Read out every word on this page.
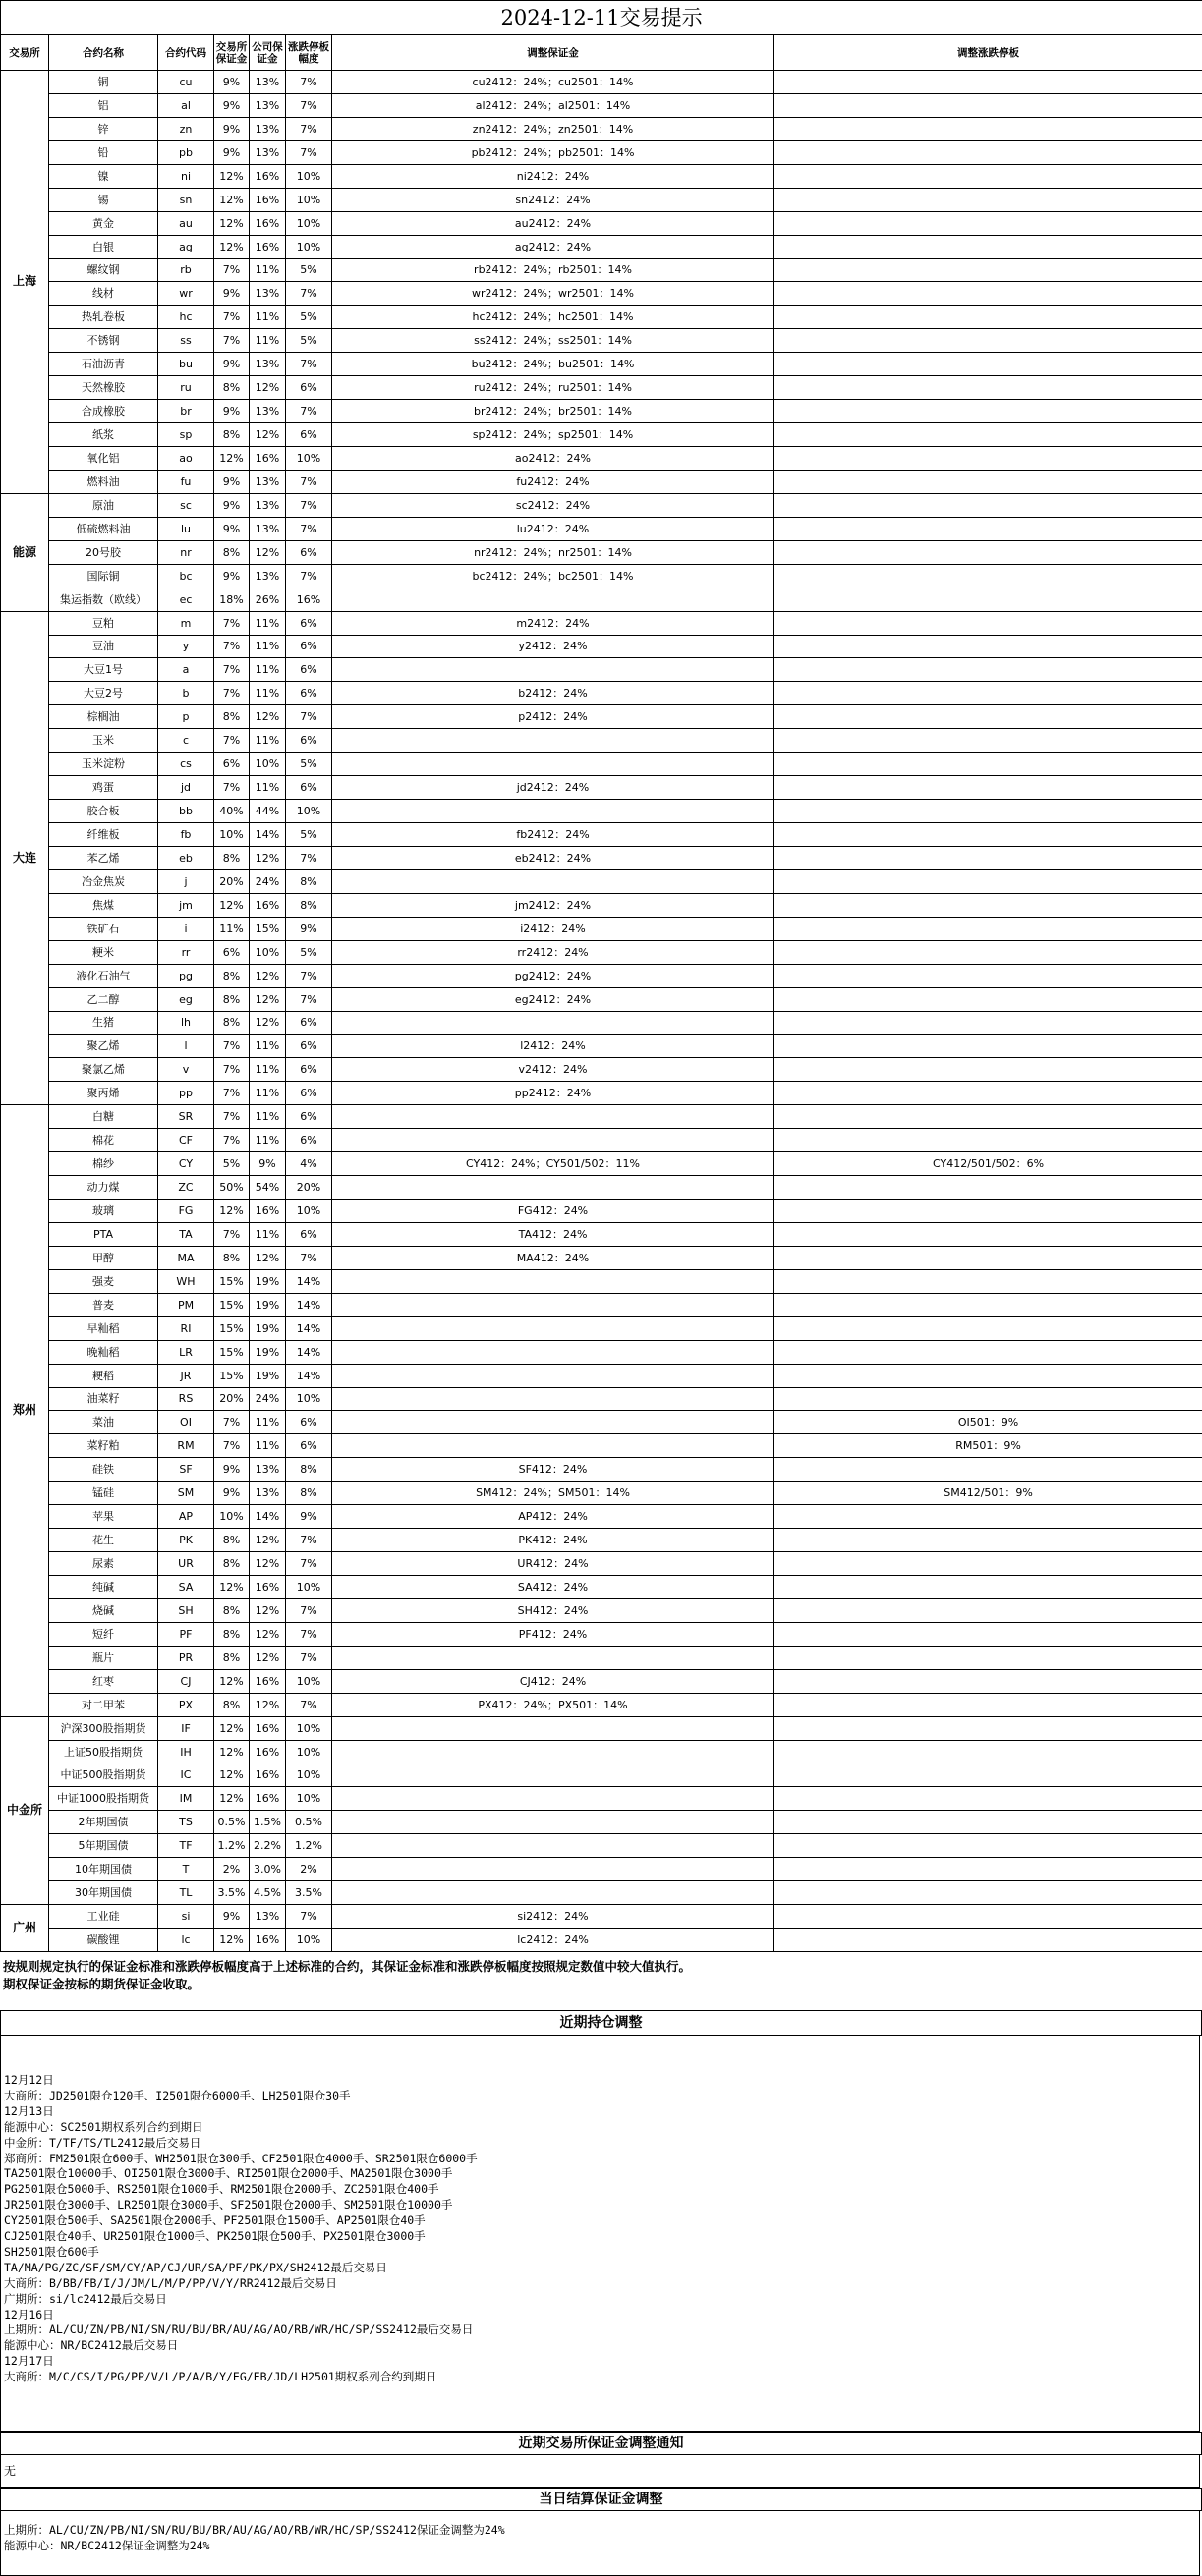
2024-12-11交易提示							
交易所	合约名称	合约代码	交易所保证金	公司保证金	涨跌停板幅度	调整保证金	调整涨跌停板
上海	铜	cu	9%	13%	7%	cu2412：24%；cu2501：14%	
	铝	al	9%	13%	7%	al2412：24%；al2501：14%	
	锌	zn	9%	13%	7%	zn2412：24%；zn2501：14%	
	铅	pb	9%	13%	7%	pb2412：24%；pb2501：14%	
	镍	ni	12%	16%	10%	ni2412：24%	
	锡	sn	12%	16%	10%	sn2412：24%	
	黄金	au	12%	16%	10%	au2412：24%	
	白银	ag	12%	16%	10%	ag2412：24%	
	螺纹钢	rb	7%	11%	5%	rb2412：24%；rb2501：14%	
	线材	wr	9%	13%	7%	wr2412：24%；wr2501：14%	
	热轧卷板	hc	7%	11%	5%	hc2412：24%；hc2501：14%	
	不锈钢	ss	7%	11%	5%	ss2412：24%；ss2501：14%	
	石油沥青	bu	9%	13%	7%	bu2412：24%；bu2501：14%	
	天然橡胶	ru	8%	12%	6%	ru2412：24%；ru2501：14%	
	合成橡胶	br	9%	13%	7%	br2412：24%；br2501：14%	
	纸浆	sp	8%	12%	6%	sp2412：24%；sp2501：14%	
	氧化铝	ao	12%	16%	10%	ao2412：24%	
	燃料油	fu	9%	13%	7%	fu2412：24%	
能源	原油	sc	9%	13%	7%	sc2412：24%	
	低硫燃料油	lu	9%	13%	7%	lu2412：24%	
	20号胶	nr	8%	12%	6%	nr2412：24%；nr2501：14%	
	国际铜	bc	9%	13%	7%	bc2412：24%；bc2501：14%	
	集运指数（欧线）	ec	18%	26%	16%		
大连	豆粕	m	7%	11%	6%	m2412：24%	
	豆油	y	7%	11%	6%	y2412：24%	
	大豆1号	a	7%	11%	6%		
	大豆2号	b	7%	11%	6%	b2412：24%	
	棕榈油	p	8%	12%	7%	p2412：24%	
	玉米	c	7%	11%	6%		
	玉米淀粉	cs	6%	10%	5%		
	鸡蛋	jd	7%	11%	6%	jd2412：24%	
	胶合板	bb	40%	44%	10%		
	纤维板	fb	10%	14%	5%	fb2412：24%	
	苯乙烯	eb	8%	12%	7%	eb2412：24%	
	冶金焦炭	j	20%	24%	8%		
	焦煤	jm	12%	16%	8%	jm2412：24%	
	铁矿石	i	11%	15%	9%	i2412：24%	
	粳米	rr	6%	10%	5%	rr2412：24%	
	液化石油气	pg	8%	12%	7%	pg2412：24%	
	乙二醇	eg	8%	12%	7%	eg2412：24%	
	生猪	lh	8%	12%	6%		
	聚乙烯	l	7%	11%	6%	l2412：24%	
	聚氯乙烯	v	7%	11%	6%	v2412：24%	
	聚丙烯	pp	7%	11%	6%	pp2412：24%	
郑州	白糖	SR	7%	11%	6%		
	棉花	CF	7%	11%	6%		
	棉纱	CY	5%	9%	4%	CY412：24%；CY501/502：11%	CY412/501/502：6%
	动力煤	ZC	50%	54%	20%		
	玻璃	FG	12%	16%	10%	FG412：24%	
	PTA	TA	7%	11%	6%	TA412：24%	
	甲醇	MA	8%	12%	7%	MA412：24%	
	强麦	WH	15%	19%	14%		
	普麦	PM	15%	19%	14%		
	早籼稻	RI	15%	19%	14%		
	晚籼稻	LR	15%	19%	14%		
	粳稻	JR	15%	19%	14%		
	油菜籽	RS	20%	24%	10%		
	菜油	OI	7%	11%	6%		OI501：9%
	菜籽粕	RM	7%	11%	6%		RM501：9%
	硅铁	SF	9%	13%	8%	SF412：24%	
	锰硅	SM	9%	13%	8%	SM412：24%；SM501：14%	SM412/501：9%
	苹果	AP	10%	14%	9%	AP412：24%	
	花生	PK	8%	12%	7%	PK412：24%	
	尿素	UR	8%	12%	7%	UR412：24%	
	纯碱	SA	12%	16%	10%	SA412：24%	
	烧碱	SH	8%	12%	7%	SH412：24%	
	短纤	PF	8%	12%	7%	PF412：24%	
	瓶片	PR	8%	12%	7%		
	红枣	CJ	12%	16%	10%	CJ412：24%	
	对二甲苯	PX	8%	12%	7%	PX412：24%；PX501：14%	
中金所	沪深300股指期货	IF	12%	16%	10%		
	上证50股指期货	IH	12%	16%	10%		
	中证500股指期货	IC	12%	16%	10%		
	中证1000股指期货	IM	12%	16%	10%		
	2年期国债	TS	0.5%	1.5%	0.5%		
	5年期国债	TF	1.2%	2.2%	1.2%		
	10年期国债	T	2%	3.0%	2%		
	30年期国债	TL	3.5%	4.5%	3.5%		
广州	工业硅	si	9%	13%	7%	si2412：24%	
	碳酸锂	lc	12%	16%	10%	lc2412：24%	
按规则规定执行的保证金标准和涨跌停板幅度高于上述标准的合约，其保证金标准和涨跌停板幅度按照规定数值中较大值执行。
期权保证金按标的期货保证金收取。
近期持仓调整
12月12日
大商所：JD2501限仓120手、I2501限仓6000手、LH2501限仓30手
12月13日
能源中心：SC2501期权系列合约到期日
中金所：T/TF/TS/TL2412最后交易日
郑商所：FM2501限仓600手、WH2501限仓300手、CF2501限仓4000手、SR2501限仓6000手
TA2501限仓10000手、OI2501限仓3000手、RI2501限仓2000手、MA2501限仓3000手
PG2501限仓5000手、RS2501限仓1000手、RM2501限仓2000手、ZC2501限仓400手
JR2501限仓3000手、LR2501限仓3000手、SF2501限仓2000手、SM2501限仓10000手
CY2501限仓500手、SA2501限仓2000手、PF2501限仓1500手、AP2501限仓40手
CJ2501限仓40手、UR2501限仓1000手、PK2501限仓500手、PX2501限仓3000手
SH2501限仓600手
TA/MA/PG/ZC/SF/SM/CY/AP/CJ/UR/SA/PF/PK/PX/SH2412最后交易日
大商所：B/BB/FB/I/J/JM/L/M/P/PP/V/Y/RR2412最后交易日
广期所：si/lc2412最后交易日
12月16日
上期所：AL/CU/ZN/PB/NI/SN/RU/BU/BR/AU/AG/AO/RB/WR/HC/SP/SS2412最后交易日
能源中心：NR/BC2412最后交易日
12月17日
大商所：M/C/CS/I/PG/PP/V/L/P/A/B/Y/EG/EB/JD/LH2501期权系列合约到期日
近期交易所保证金调整通知
无
当日结算保证金调整
上期所：AL/CU/ZN/PB/NI/SN/RU/BU/BR/AU/AG/AO/RB/WR/HC/SP/SS2412保证金调整为24%
能源中心：NR/BC2412保证金调整为24%
